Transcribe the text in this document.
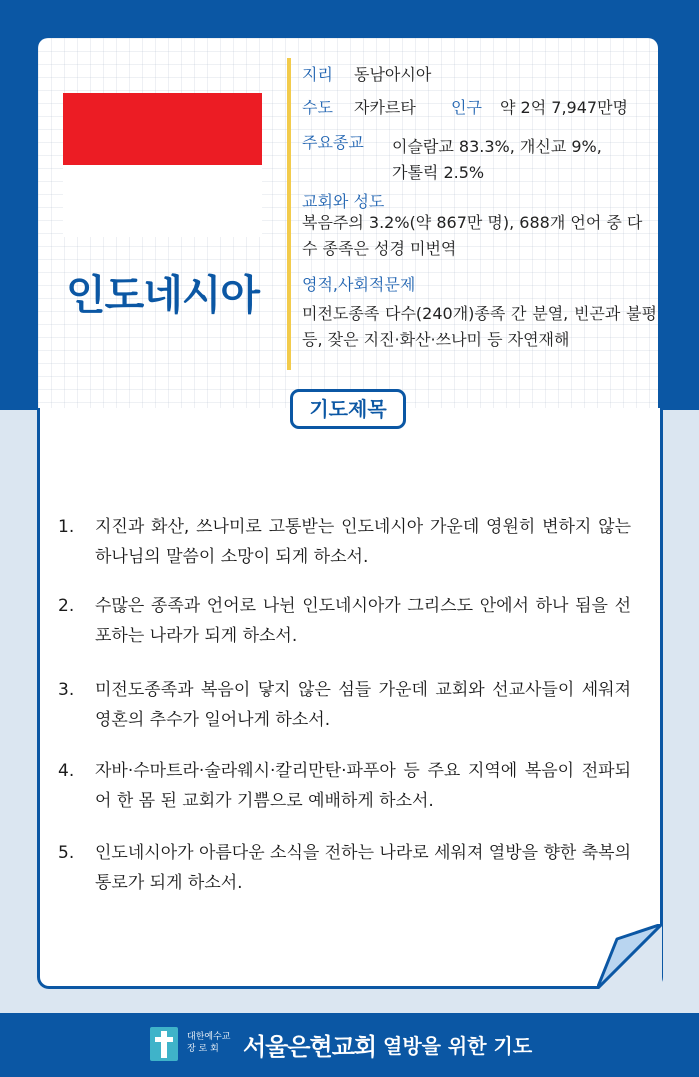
인도네시아
지리 동남아시아
수도 자카르타 인구 약 2억 7,947만명
주요종교 이슬람교 83.3%, 개신교 9%,
가톨릭 2.5%
교회와 성도
복음주의 3.2%(약 867만 명), 688개 언어 중 다수 종족은 성경 미번역
영적,사회적문제
미전도종족 다수(240개)종족 간 분열, 빈곤과 불평등, 잦은 지진·화산·쓰나미 등 자연재해
기도제목
1.	지진과 화산, 쓰나미로 고통받는 인도네시아 가운데 영원히 변하지 않는 하나님의 말씀이 소망이 되게 하소서.
2.	수많은 종족과 언어로 나뉜 인도네시아가 그리스도 안에서 하나 됨을 선포하는 나라가 되게 하소서.
3.	미전도종족과 복음이 닿지 않은 섬들 가운데 교회와 선교사들이 세워져 영혼의 추수가 일어나게 하소서.
4.	자바·수마트라·술라웨시·칼리만탄·파푸아 등 주요 지역에 복음이 전파되어 한 몸 된 교회가 기쁨으로 예배하게 하소서.
5.	인도네시아가 아름다운 소식을 전하는 나라로 세워져 열방을 향한 축복의 통로가 되게 하소서.
대한예수교
장 로 회	서울은현교회 열방을 위한 기도
